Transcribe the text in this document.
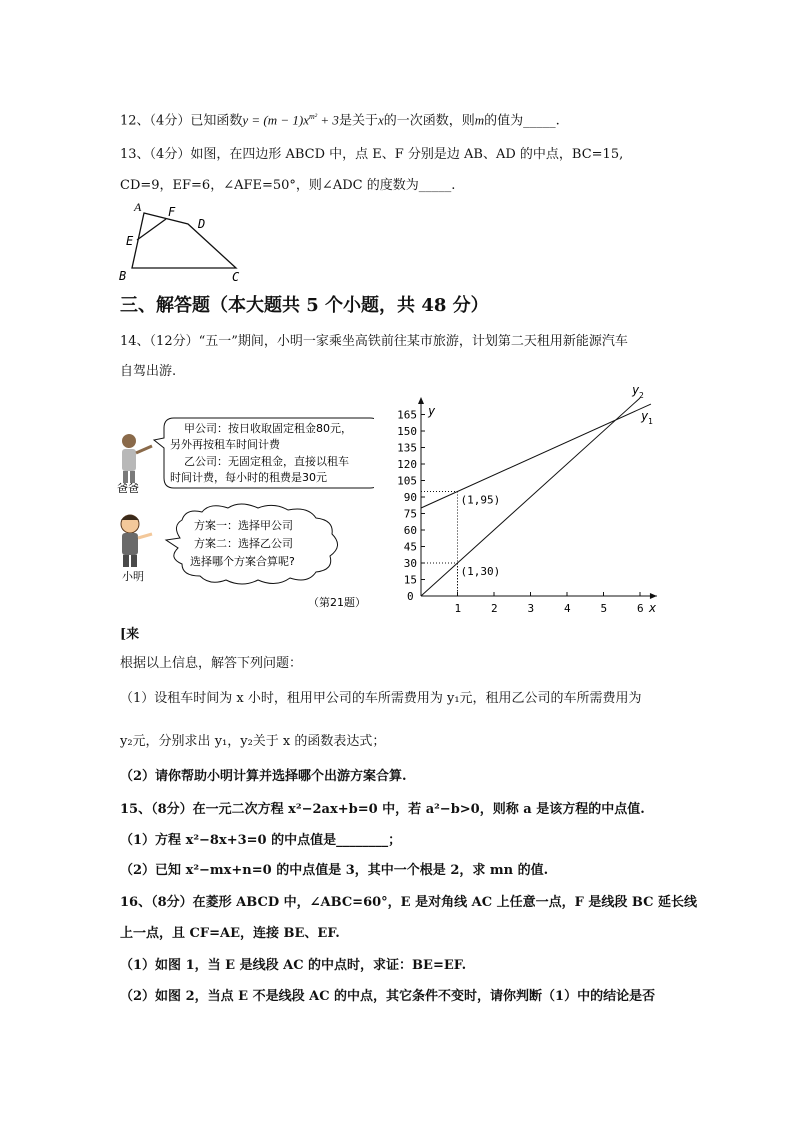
12、（4分）已知函数$y = (m - 1)x^{m^2} + 3$是关于x的一次函数，则m的值为_____.
13、（4分）如图，在四边形 ABCD 中，点 E、F 分别是边 AB、AD 的中点，BC=15,
CD=9，EF=6，∠AFE=50°，则∠ADC 的度数为_____.
A F
D
E
B	C
三、解答题（本大题共 5 个小题，共 48 分）
14、（12分）“五一”期间，小明一家乘坐高铁前往某市旅游，计划第二天租用新能源汽车
自驾出游.
爸爸
甲公司：按日收取固定租金80元，
另外再按租车时间计费
乙公司：无固定租金，直接以租车
时间计费，每小时的租费是30元
小明
方案一：选择甲公司
方案二：选择乙公司
选择哪个方案合算呢?
（第21题）	x
y
0
1	2	3	4	5	6
15
30
45
60
75
90
105
120
135
150
165	y 1
y 2
(1,95)
(1,30)
[来
根据以上信息，解答下列问题：
（1）设租车时间为 x 小时，租用甲公司的车所需费用为 y₁元，租用乙公司的车所需费用为
y₂元，分别求出 y₁，y₂关于 x 的函数表达式；
（2）请你帮助小明计算并选择哪个出游方案合算.
15、（8分）在一元二次方程 x²−2ax+b=0 中，若 a²−b>0，则称 a 是该方程的中点值.
（1）方程 x²−8x+3=0 的中点值是________；
（2）已知 x²−mx+n=0 的中点值是 3，其中一个根是 2，求 mn 的值.
16、（8分）在菱形 ABCD 中，∠ABC=60°，E 是对角线 AC 上任意一点，F 是线段 BC 延长线
上一点，且 CF=AE，连接 BE、EF.
（1）如图 1，当 E 是线段 AC 的中点时，求证：BE=EF.
（2）如图 2，当点 E 不是线段 AC 的中点，其它条件不变时，请你判断（1）中的结论是否
